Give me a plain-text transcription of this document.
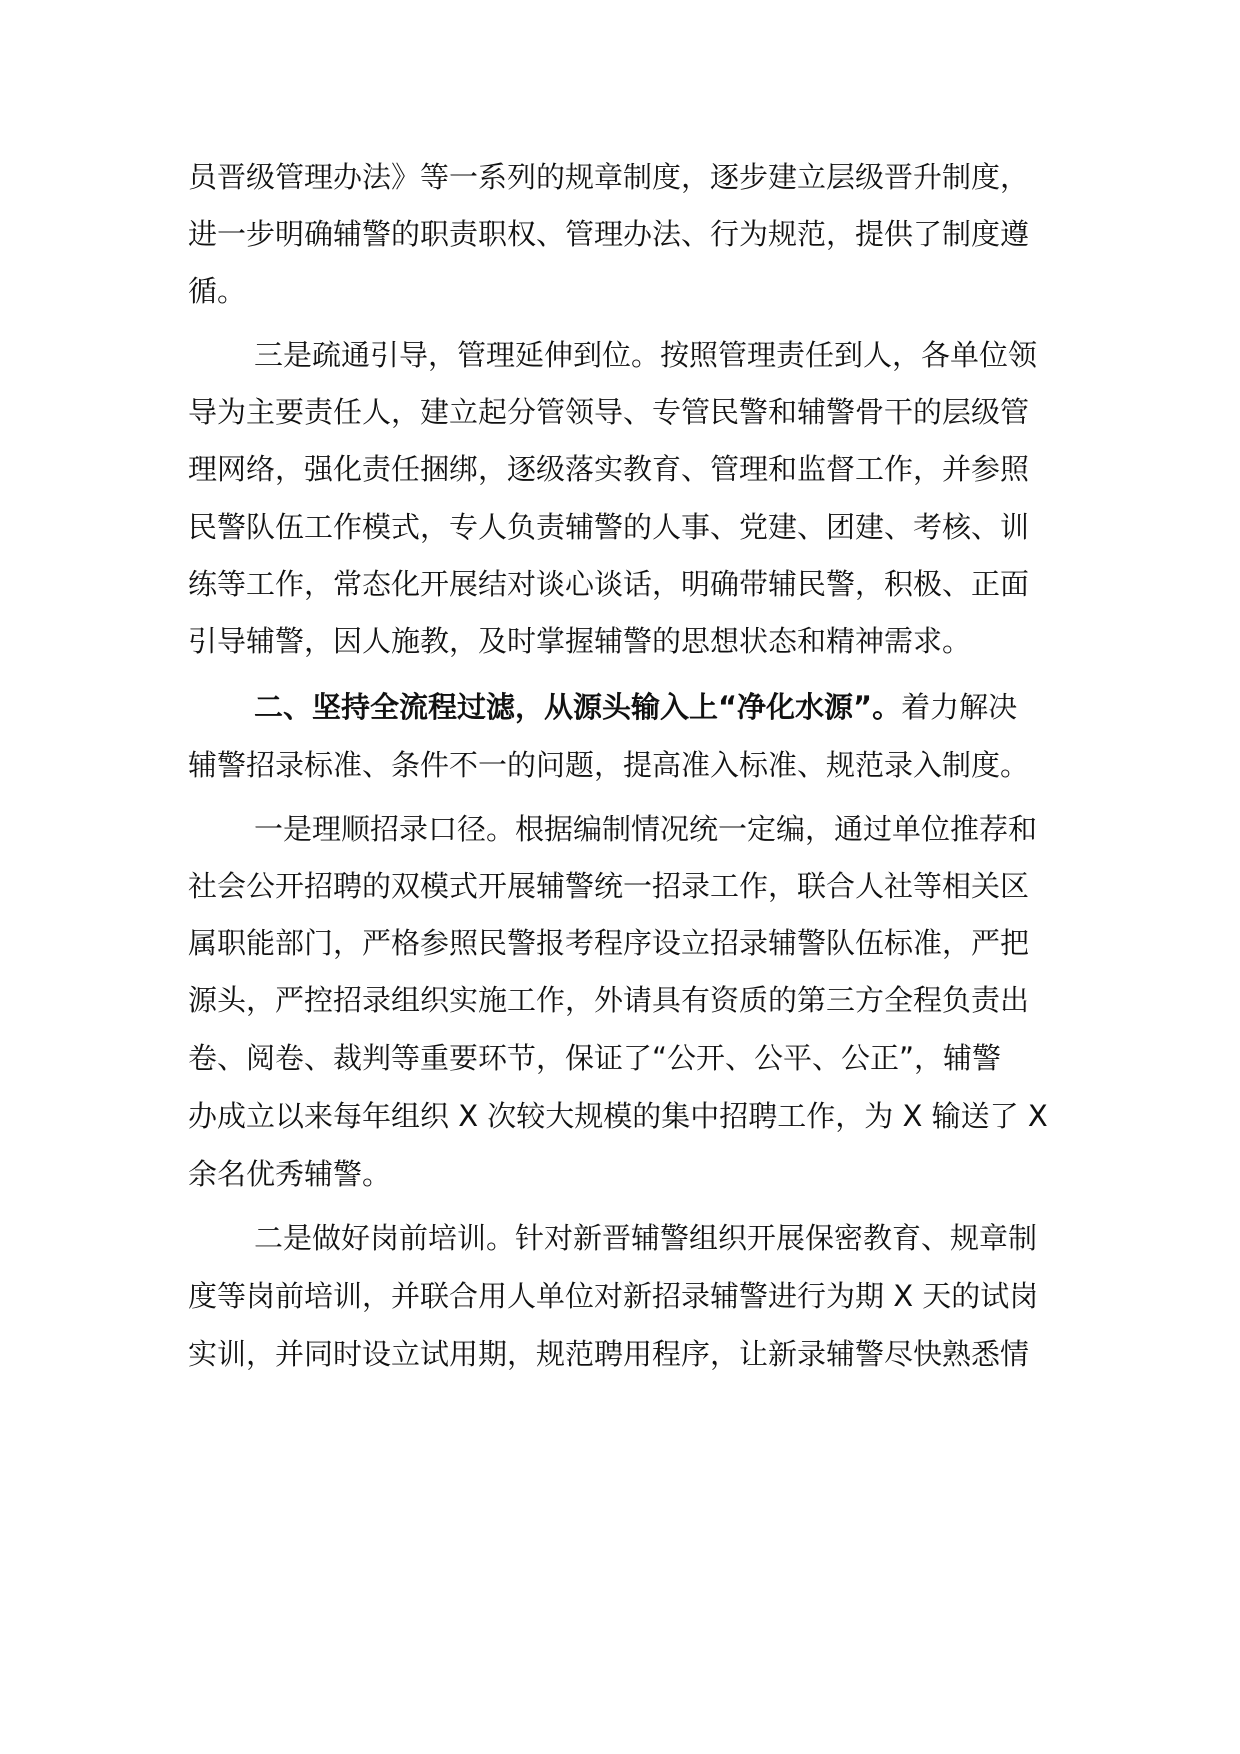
员晋级管理办法》等一系列的规章制度，逐步建立层级晋升制度，
进一步明确辅警的职责职权、管理办法、行为规范，提供了制度遵
循。
三是疏通引导，管理延伸到位。按照管理责任到人，各单位领
导为主要责任人，建立起分管领导、专管民警和辅警骨干的层级管
理网络，强化责任捆绑，逐级落实教育、管理和监督工作，并参照
民警队伍工作模式，专人负责辅警的人事、党建、团建、考核、训
练等工作，常态化开展结对谈心谈话，明确带辅民警，积极、正面
引导辅警，因人施教，及时掌握辅警的思想状态和精神需求。
二、坚持全流程过滤，从源头输入上“净化水源”。着力解决
辅警招录标准、条件不一的问题，提高准入标准、规范录入制度。
一是理顺招录口径。根据编制情况统一定编，通过单位推荐和
社会公开招聘的双模式开展辅警统一招录工作，联合人社等相关区
属职能部门，严格参照民警报考程序设立招录辅警队伍标准，严把
源头，严控招录组织实施工作，外请具有资质的第三方全程负责出
卷、阅卷、裁判等重要环节，保证了“公开、公平、公正”，辅警
办成立以来每年组织 X 次较大规模的集中招聘工作，为 X 输送了 X
余名优秀辅警。
二是做好岗前培训。针对新晋辅警组织开展保密教育、规章制
度等岗前培训，并联合用人单位对新招录辅警进行为期 X 天的试岗
实训，并同时设立试用期，规范聘用程序，让新录辅警尽快熟悉情
